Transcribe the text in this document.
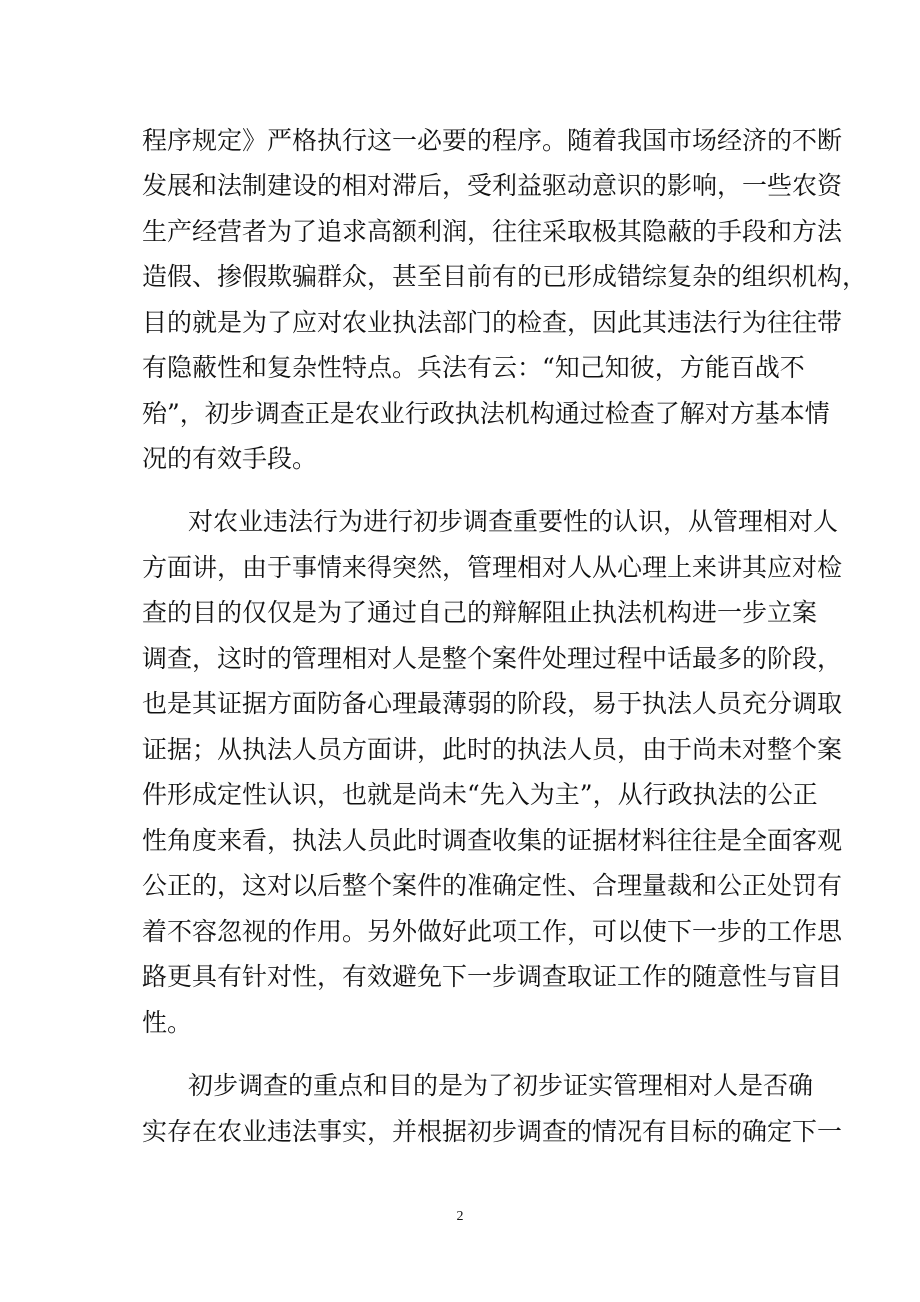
程序规定》严格执行这一必要的程序。随着我国市场经济的不断
发展和法制建设的相对滞后，受利益驱动意识的影响，一些农资
生产经营者为了追求高额利润，往往采取极其隐蔽的手段和方法
造假、掺假欺骗群众，甚至目前有的已形成错综复杂的组织机构，
目的就是为了应对农业执法部门的检查，因此其违法行为往往带
有隐蔽性和复杂性特点。兵法有云：“知己知彼，方能百战不
殆”，初步调查正是农业行政执法机构通过检查了解对方基本情
况的有效手段。
对农业违法行为进行初步调查重要性的认识，从管理相对人
方面讲，由于事情来得突然，管理相对人从心理上来讲其应对检
查的目的仅仅是为了通过自己的辩解阻止执法机构进一步立案
调查，这时的管理相对人是整个案件处理过程中话最多的阶段，
也是其证据方面防备心理最薄弱的阶段，易于执法人员充分调取
证据；从执法人员方面讲，此时的执法人员，由于尚未对整个案
件形成定性认识，也就是尚未“先入为主”，从行政执法的公正
性角度来看，执法人员此时调查收集的证据材料往往是全面客观
公正的，这对以后整个案件的准确定性、合理量裁和公正处罚有
着不容忽视的作用。另外做好此项工作，可以使下一步的工作思
路更具有针对性，有效避免下一步调查取证工作的随意性与盲目
性。
初步调查的重点和目的是为了初步证实管理相对人是否确
实存在农业违法事实，并根据初步调查的情况有目标的确定下一
2
